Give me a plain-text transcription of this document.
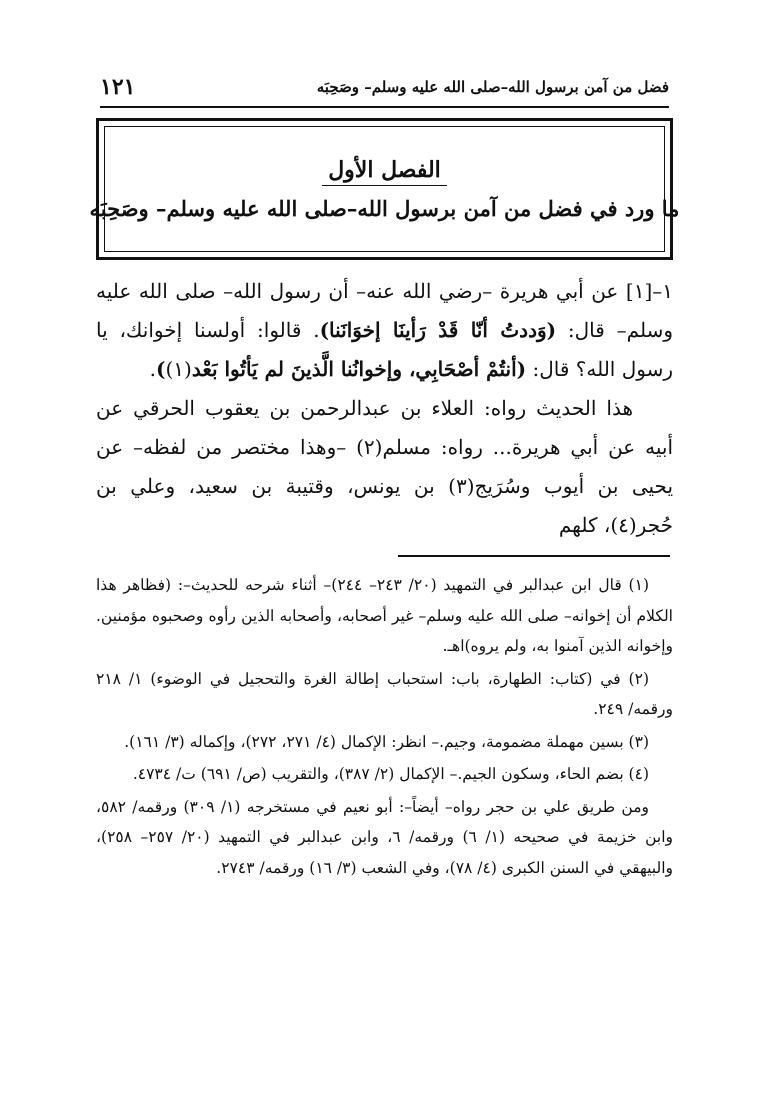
فضل من آمن برسول الله–صلى الله عليه وسلم– وصَحِبَه
١٢١
الفصل الأول
ما ورد في فضل من آمن برسول الله–صلى الله عليه وسلم– وصَحِبَه

١–[١] عن أبي هريرة –رضي الله عنه– أن رسول الله– صلى الله عليه وسلم– قال: (وَددتُ أنّا قَدْ رَأينَا إخوَانَنا). قالوا: أولسنا إخوانك، يا رسول الله؟ قال: (أنتُمْ أصْحَابِي، وإخوانُنا الَّذينَ لم يَأتُوا بَعْد(١)).

هذا الحديث رواه: العلاء بن عبدالرحمن بن يعقوب الحرقي عن أبيه عن أبي هريرة... رواه: مسلم(٢) –وهذا مختصر من لفظه– عن يحيى بن أيوب وسُرَيج(٣) بن يونس، وقتيبة بن سعيد، وعلي بن حُجر(٤)، كلهم

(١) قال ابن عبدالبر في التمهيد (٢٠/ ٢٤٣– ٢٤٤)– أثناء شرحه للحديث–: (فظاهر هذا الكلام أن إخوانه– صلى الله عليه وسلم– غير أصحابه، وأصحابه الذين رأوه وصحبوه مؤمنين. وإخوانه الذين آمنوا به، ولم يروه)اهـ.

(٢) في (كتاب: الطهارة، باب: استحباب إطالة الغرة والتحجيل في الوضوء) ١/ ٢١٨ ورقمه/ ٢٤٩.

(٣) بسين مهملة مضمومة، وجيم.– انظر: الإكمال (٤/ ٢٧١، ٢٧٢)، وإكماله (٣/ ١٦١).

(٤) بضم الحاء، وسكون الجيم.– الإكمال (٢/ ٣٨٧)، والتقريب (ص/ ٦٩١) ت/ ٤٧٣٤.

ومن طريق علي بن حجر رواه– أيضاً–: أبو نعيم في مستخرجه (١/ ٣٠٩) ورقمه/ ٥٨٢، وابن خزيمة في صحيحه (١/ ٦) ورقمه/ ٦، وابن عبدالبر في التمهيد (٢٠/ ٢٥٧– ٢٥٨)، والبيهقي في السنن الكبرى (٤/ ٧٨)، وفي الشعب (٣/ ١٦) ورقمه/ ٢٧٤٣.
